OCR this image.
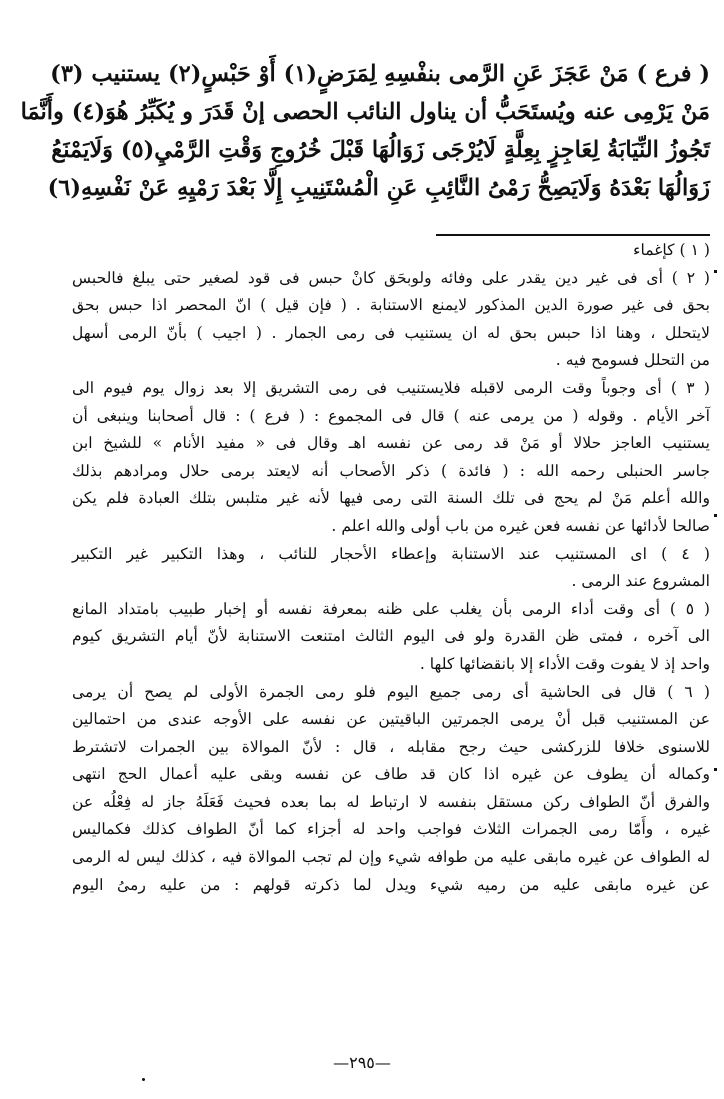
( فرع ) مَنْ عَجَزَ عَنِ الرَّمى بنفْسِهِ لِمَرَضٍ(١) أَوْ حَبْسٍ(٢) يستنيب (٣)
مَنْ يَرْمِى عنه ويُستَحَبُّ أن يناول النائب الحصى إنْ قَدَرَ و يُكَبِّرُ هُوَ(٤) وأَنَّمَا
تَجُوزُ النِّيَابَةُ لِعَاجِزٍ بِعِلَّةٍ لَايُرْجَى زَوَالُهَا قَبْلَ خُرُوجِ وَقْتِ الرَّمْيِ(٥) وَلَايَمْنَعُ
زَوَالُهَا بَعْدَهُ وَلَايَصِحُّ رَمْىُ النَّائِبِ عَنِ الْمُسْتَنِيبِ إِلَّا بَعْدَ رَمْيِهِ عَنْ نَفْسِهِ(٦)
( ١ ) كإغماء
( ٢ ) أى فى غير دين يقدر على وفائه ولوبحَق كانْ حبس فى قود لصغير حتى يبلغ فالحبس
بحق فى غير صورة الدين المذكور لايمنع الاستنابة . ( فإن قيل ) انّ المحصر اذا حبس بحق
لايتحلل ، وهنا اذا حبس بحق له ان يستنيب فى رمى الجمار . ( اجيب ) بأنّ الرمى أسهل
من التحلل فسومح فيه .
( ٣ ) أى وجوباً وقت الرمى لاقبله فلايستنيب فى رمى التشريق إلا بعد زوال يوم فيوم الى
آخر الأيام . وقوله ( من يرمى عنه ) قال فى المجموع : ( فرع ) : قال أصحابنا وينبغى أن
يستنيب العاجز حلالا أو مَنْ قد رمى عن نفسه اهـ وقال فى « مفيد الأنام » للشيخ ابن
جاسر الحنبلى رحمه الله : ( فائدة ) ذكر الأصحاب أنه لايعتد برمى حلال ومرادهم بذلك
والله أعلم مَنْ لم يحج فى تلك السنة التى رمى فيها لأنه غير متلبس بتلك العبادة فلم يكن
صالحا لأدائها عن نفسه فعن غيره من باب أولى والله اعلم .
( ٤ ) اى المستنيب عند الاستنابة وإعطاء الأحجار للنائب ، وهذا التكبير غير التكبير
المشروع عند الرمى .
( ٥ ) أى وقت أداء الرمى بأن يغلب على ظنه بمعرفة نفسه أو إخبار طبيب بامتداد المانع
الى آخره ، فمتى ظن القدرة ولو فى اليوم الثالث امتنعت الاستنابة لأنّ أيام التشريق كيوم
واحد إذ لا يفوت وقت الأداء إلا بانقضائها كلها .
( ٦ ) قال فى الحاشية أى رمى جميع اليوم فلو رمى الجمرة الأولى لم يصح أن يرمى
عن المستنيب قبل أنْ يرمى الجمرتين الباقيتين عن نفسه على الأوجه عندى من احتمالين
للاسنوى خلافا للزركشى حيث رجح مقابله ، قال : لأنّ الموالاة بين الجمرات لاتشترط
وكماله أن يطوف عن غيره اذا كان قد طاف عن نفسه وبقى عليه أعمال الحج انتهى
والفرق أنّ الطواف ركن مستقل بنفسه لا ارتباط له بما بعده فحيث فَعَلَهُ جاز له فِعْلُه عن
غيره ، وأَمّا رمى الجمرات الثلاث فواجب واحد له أجزاء كما أنّ الطواف كذلك فكماليس
له الطواف عن غيره مابقى عليه من طوافه شيء وإن لم تجب الموالاة فيه ، كذلك ليس له الرمى
عن غيره مابقى عليه من رميه شيء ويدل لما ذكرته قولهم : من عليه رمىُ اليوم
—٢٩٥—
